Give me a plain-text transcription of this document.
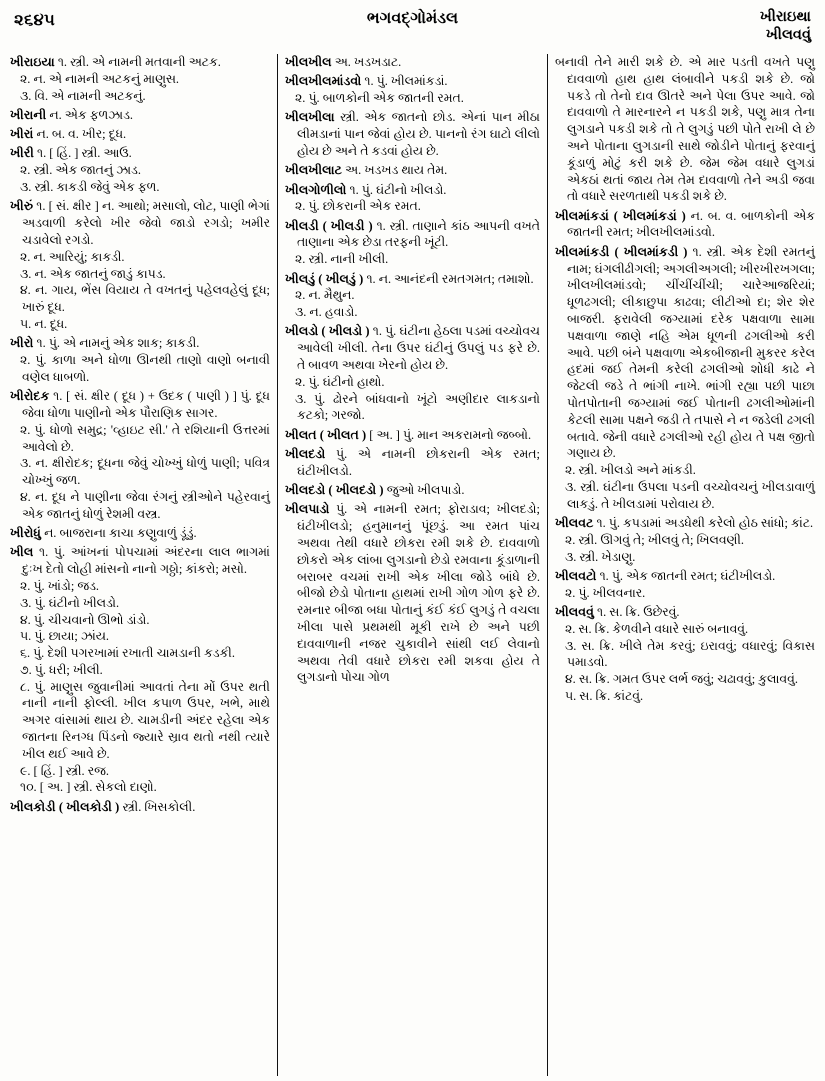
૨૬૪૫	ભગવદ્ગોમંડલ	ખીરાઇથા
ખીલવવું

ખીરાઇયા ૧. સ્ત્રી. એ નામની મતવાની અટક.

૨. ન. એ નામની અટકનું માણુસ.

૩. વિ. એ નામની અટકનું.

ખીરાની ન. એક ફળઝાડ.

ખીરાં ન. બ. વ. ખીર; દૂધ.

ખીરી ૧. [ હિં. ] સ્ત્રી. આઉ.

૨. સ્ત્રી. એક જાતનું ઝાડ.

૩. સ્ત્રી. કાકડી જેવું એક ફળ.

ખીરું ૧. [ સં. ક્ષીર ] ન. આથો; મસાલો, લોટ, પાણી ભેગાં અડવાળી કરેલો ખીર જેવો જાડો રગડો; ખમીર ચડાવેલો રગડો.

૨. ન. આરિયું; કાકડી.

૩. ન. એક જાતનું જાડું કાપડ.

૪. ન. ગાય, ભેંસ વિયાય તે વખતનું પહેલવહેલું દૂધ; ખારું દૂધ.

૫. ન. દૂધ.

ખીરો ૧. પું. એ નામનું એક શાક; કાકડી.

૨. પું. કાળા અને ધોળા ઊનથી તાણો વાણો બનાવી વણેલ ધાબળો.

ખીરોદક ૧. [ સં. ક્ષીર ( દૂધ ) + ઉદક ( પાણી ) ] પું. દૂધ જેવા ધોળા પાણીનો એક પૌરાણિક સાગર.

૨. પું. ધોળો સમુદ્ર; 'વ્હાઇટ સી.' તે રશિયાની ઉત્તરમાં આવેલો છે.

૩. ન. ક્ષીરોદક; દૂધના જેવું ચોખ્ખું ધોળું પાણી; પવિત્ર ચોખ્ખું જળ.

૪. ન. દૂધ ને પાણીના જેવા રંગનું સ્ત્રીઓને પહેરવાનું એક જાતનું ધોળું રેશમી વસ્ત્ર.

ખીરોધું ન. બાજરાના કાચા કણુવાળું ડૂંડું.

ખીલ ૧. પું. આંખનાં પોપચામાં અંદરના લાલ ભાગમાં દુઃખ દેતો લોહી માંસનો નાનો ગઠ્ઠો; કાંકરો; મસો.

૨. પું. ખાંડો; જડ.

૩. પું. ઘંટીનો ખીલડો.

૪. પું. ચીચવાનો ઊભો ડાંડો.

૫. પું. છાયા; ઝાંય.

૬. પું. દેશી પગરખામાં રખાતી ચામડાની કડકી.

૭. પું. ધરી; ખીલી.

૮. પું. માણુસ જુવાનીમાં આવતાં તેના મોં ઉપર થતી નાની નાની ફોલ્લી. ખીલ કપાળ ઉપર, ખભે, માથે અગર વાંસામાં થાય છે. ચામડીની અંદર રહેલા એક જાતના રિનગ્ધ પિંડનો જ્યારે સ્રાવ થતો નથી ત્યારે ખીલ થઈ આવે છે.

૯. [ હિં. ] સ્ત્રી. રજ.

૧૦. [ અ. ] સ્ત્રી. સેકલો દાણો.

ખીલકોડી ( ખીલકોડી ) સ્ત્રી. ખિસકોલી.

ખીલખીલ અ. ખડખડાટ.

ખીલખીલમાંડવો ૧. પું. ખીલમાંકડાં.

૨. પું. બાળકોની એક જાતની રમત.

ખીલખીલા સ્ત્રી. એક જાતનો છોડ. એનાં પાન મીઠા લીમડાનાં પાન જેવાં હોય છે. પાનનો રંગ ઘાટો લીલો હોય છે અને તે કડવાં હોય છે.

ખીલખીલાટ અ. ખડખડ થાય તેમ.

ખીલગોળીલો ૧. પું. ઘંટીનો ખીલડો.

૨. પું. છોકરાની એક રમત.

ખીલડી ( ખીલડી ) ૧. સ્ત્રી. તાણાને કાંઠ આપની વખતે તાણાના એક છેડા તરફની ખૂંટી.

૨. સ્ત્રી. નાની ખીલી.

ખીલડું ( ખીલડું ) ૧. ન. આનંદની રમતગમત; તમાશો.

૨. ન. મૈથુન.

૩. ન. હવાડો.

ખીલડો ( ખીલડો ) ૧. પું. ઘંટીના હેઠલા પડમાં વચ્ચોવચ આવેલી ખીલી. તેના ઉપર ઘંટીનું ઉપલું પડ ફરે છે. તે બાવળ અથવા ખેરનો હોય છે.

૨. પું. ઘંટીનો હાથો.

૩. પું. ઢોરને બાંધવાનો ખૂંટો અણીદાર લાકડાનો કટકો; ગરજો.

ખીલત ( ખીલત ) [ અ. ] પું. માન અકરામનો જબ્બો.

ખીલદડો પું. એ નામની છોકરાની એક રમત; ઘંટીખીલડો.

ખીલદડો ( ખીલદડો ) જુઓ ખીલપાડો.

ખીલપાડો પું. એ નામની રમત; ફોરાડાવ; ખીલદડો; ઘંટીખીલડો; હનુમાનનું પૂંછડું. આ રમત પાંચ અથવા તેથી વધારે છોકરા રમી શકે છે. દાવવાળો છોકરો એક લાંબા લુગડાનો છેડો રમવાના કૂંડાળાની બરાબર વચમાં રાખી એક ખીલા જોડે બાંધે છે. બીજો છેડો પોતાના હાથમાં રાખી ગોળ ગોળ ફરે છે. રમનાર બીજા બધા પોતાનું કંઈ કંઈ લુગડું તે વચલા ખીલા પાસે પ્રથમથી મૂકી રાખે છે અને પછી દાવવાળાની નજર ચુકાવીને સાંથી લઈ લેવાનો અથવા તેવી વધારે છોકરા રમી શકવા હોય તે લુગડાનો પોચા ગોળ

બનાવી તેને મારી શકે છે. એ માર પડતી વખતે પણુ દાવવાળો હાથ હાથ લંબાવીને પકડી શકે છે. જો પકડે તો તેનો દાવ ઊતરે અને પેલા ઉપર આવે. જો દાવવાળો તે મારનારને ન પકડી શકે, પણુ માત્ર તેના લુગડાને પકડી શકે તો તે લુગડું પછી પોતે રાખી લે છે અને પોતાના લુગડાની સાથે જોડીને પોતાનું ફરવાનું કૂંડાળું મોટું કરી શકે છે. જેમ જેમ વધારે લુગડાં એકઠાં થતાં જાય તેમ તેમ દાવવાળો તેને અડી જવા તો વધારે સરળતાથી પકડી શકે છે.

ખીલમાંકડાં ( ખીલમાંકડાં ) ન. બ. વ. બાળકોની એક જાતની રમત; ખીલખીલમાંડવો.

ખીલમાંકડી ( ખીલમાંકડી ) ૧. સ્ત્રી. એક દેશી રમતનું નામ; ઘંગલીઢીગલી; અગલીઅગલી; ખીરખીરખગલા; ખીલખીલમાંડવો; ચીંચીંચીંચી; ચારેઆજરિયાં; ધૂળઢગલી; લીકાછુપા કાઢવા; લીટીઓ દા; શેર શેર બાજરી. ફરાવેલી જગ્યામાં દરેક પક્ષવાળા સામા પક્ષવાળા જાણે નહિ એમ ધૂળની ઢગલીઓ કરી આવે. પછી બંને પક્ષવાળા એકબીજાની મુકરર કરેલ હદમાં જઈ તેમની કરેલી ઢગલીઓ શોધી કાઢે ને જેટલી જડે તે ભાંગી નાખે. ભાંગી રહ્યા પછી પાછા પોતપોતાની જગ્યામાં જઈ પોતાની ઢગલીઓમાંની કેટલી સામા પક્ષને જડી તે તપાસે ને ન જડેલી ઢગલી બતાવે. જેની વધારે ઢગલીઓ રહી હોય તે પક્ષ જીતો ગણાય છે.

૨. સ્ત્રી. ખીલડો અને માંકડી.

૩. સ્ત્રી. ઘંટીના ઉપલા પડની વચ્ચોવચનું ખીલડાવાળું લાકડું. તે ખીલડામાં પરોવાય છે.

ખીલવટ ૧. પું. કપડામાં અડધેથી કરેલો હોઠ સાંધો; કાંટ.

૨. સ્ત્રી. ઊગવું તે; ખીલવું તે; ખિલવણી.

૩. સ્ત્રી. ખેડાણુ.

ખીલવટો ૧. પું. એક જાતની રમત; ઘંટીખીલડો.

૨. પું. ખીલવનાર.

ખીલવવું ૧. સ. ક્રિ. ઉછેરવું.

૨. સ. ક્રિ. કેળવીને વધારે સારું બનાવવું.

૩. સ. ક્રિ. ખીલે તેમ કરવું; ઇરાવવું; વધારવું; વિકાસ પમાડવો.

૪. સ. ક્રિ. ગમત ઉપર લર્ભ જવું; ચઢાવવું; કુલાવવું.

૫. સ. ક્રિ. કાંટવું.
